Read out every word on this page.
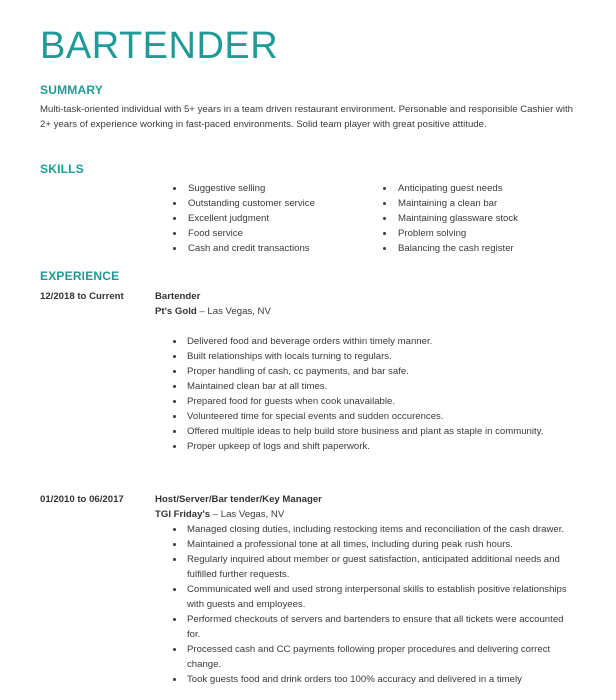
BARTENDER
SUMMARY

Multi-task-oriented individual with 5+ years in a team driven restaurant environment. Personable and responsible Cashier with 2+ years of experience working in fast-paced environments. Solid team player with great positive attitude.

SKILLS
Suggestive selling
Outstanding customer service
Excellent judgment
Food service
Cash and credit transactions
Anticipating guest needs
Maintaining a clean bar
Maintaining glassware stock
Problem solving
Balancing the cash register
EXPERIENCE

12/2018 to Current	Bartender

Pt's Gold – Las Vegas, NV

Delivered food and beverage orders within timely manner.
Built relationships with locals turning to regulars.
Proper handling of cash, cc payments, and bar safe.
Maintained clean bar at all times.
Prepared food for guests when cook unavailable.
Volunteered time for special events and sudden occurences.
Offered multiple ideas to help build store business and plant as staple in community.
Proper upkeep of logs and shift paperwork.

01/2010 to 06/2017	Host/Server/Bar tender/Key Manager

TGI Friday's – Las Vegas, NV

Managed closing duties, including restocking items and reconciliation of the cash drawer.
Maintained a professional tone at all times, including during peak rush hours.
Regularly inquired about member or guest satisfaction, anticipated additional needs and fulfilled further requests.
Communicated well and used strong interpersonal skills to establish positive relationships with guests and employees.
Performed checkouts of servers and bartenders to ensure that all tickets were accounted for.
Processed cash and CC payments following proper procedures and delivering correct change.
Took guests food and drink orders too 100% accuracy and delivered in a timely
